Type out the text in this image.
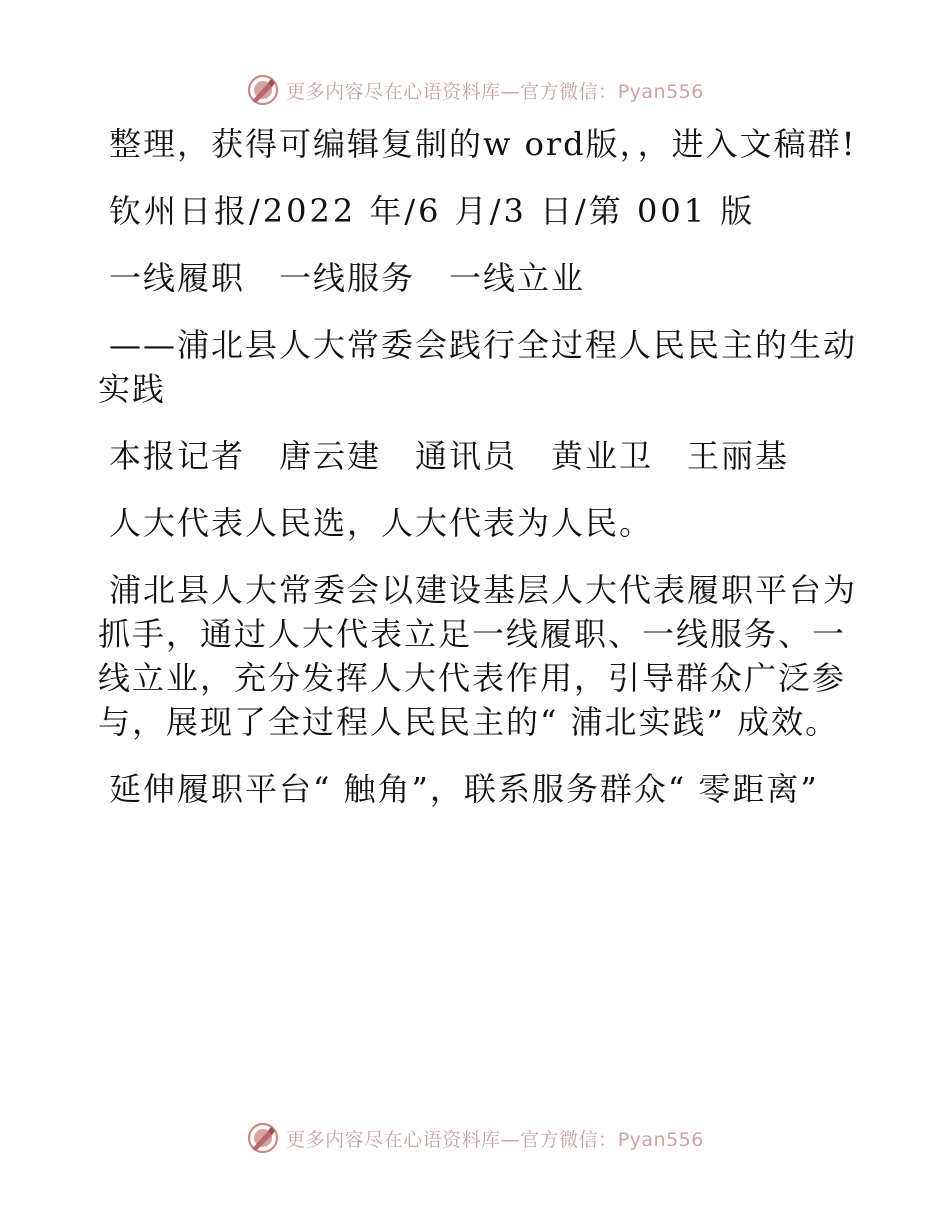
更多内容尽在心语资料库—官方微信：Pyan556

整理，获得可编辑复制的w ord版，，进入文稿群!

钦州日报/2022 年/6 月/3 日/第 001 版

一线履职　一线服务　一线立业

——浦北县人大常委会践行全过程人民民主的生动实践

本报记者　唐云建　通讯员　黄业卫　王丽基

人大代表人民选，人大代表为人民。

浦北县人大常委会以建设基层人大代表履职平台为抓手，通过人大代表立足一线履职、一线服务、一线立业，充分发挥人大代表作用，引导群众广泛参与，展现了全过程人民民主的“ 浦北实践” 成效。

延伸履职平台“ 触角”，联系服务群众“ 零距离”

更多内容尽在心语资料库—官方微信：Pyan556
